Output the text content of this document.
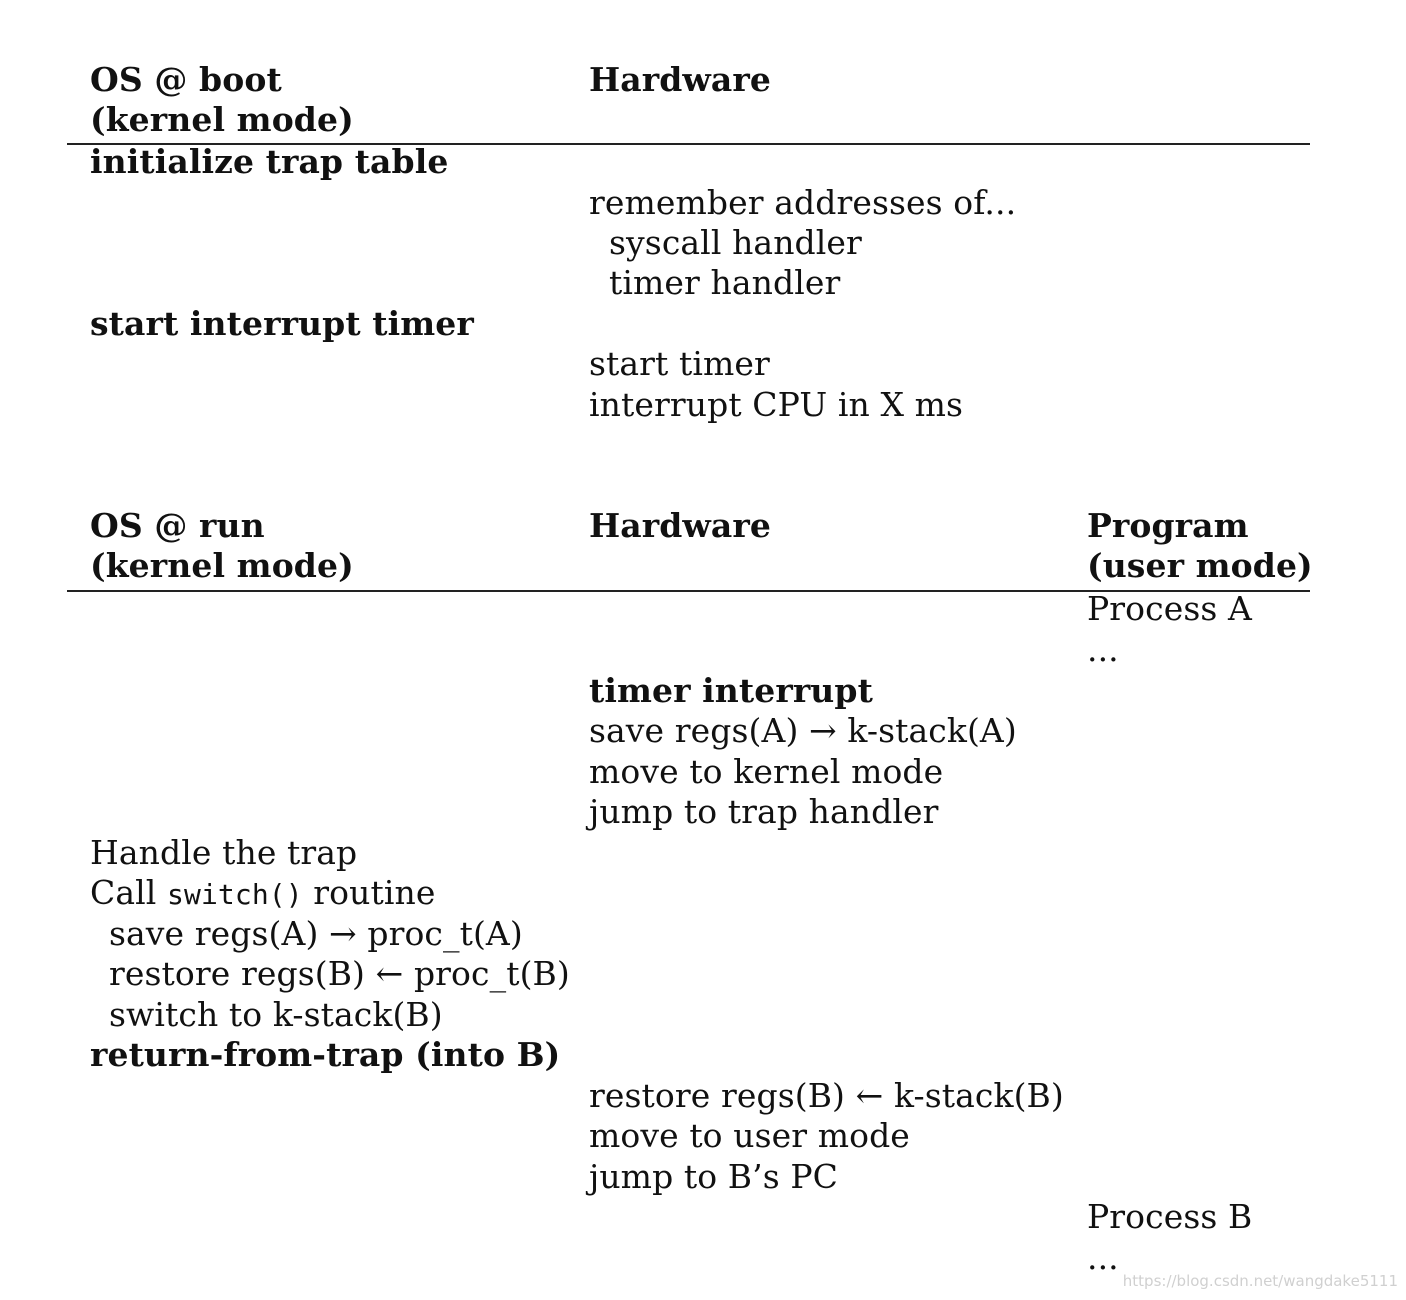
OS @ boot
(kernel mode)
Hardware
initialize trap table
remember addresses of...
syscall handler
timer handler
start interrupt timer
start timer
interrupt CPU in X ms
OS @ run
(kernel mode)
Hardware	Program
(user mode)
Process A
...
timer interrupt
save regs(A) → k-stack(A)
move to kernel mode
jump to trap handler
Handle the trap
Call switch() routine
save regs(A) → proc_t(A)
restore regs(B) ← proc_t(B)
switch to k-stack(B)
return-from-trap (into B)
restore regs(B) ← k-stack(B)
move to user mode
jump to B’s PC
Process B
...
https://blog.csdn.net/wangdake5111
